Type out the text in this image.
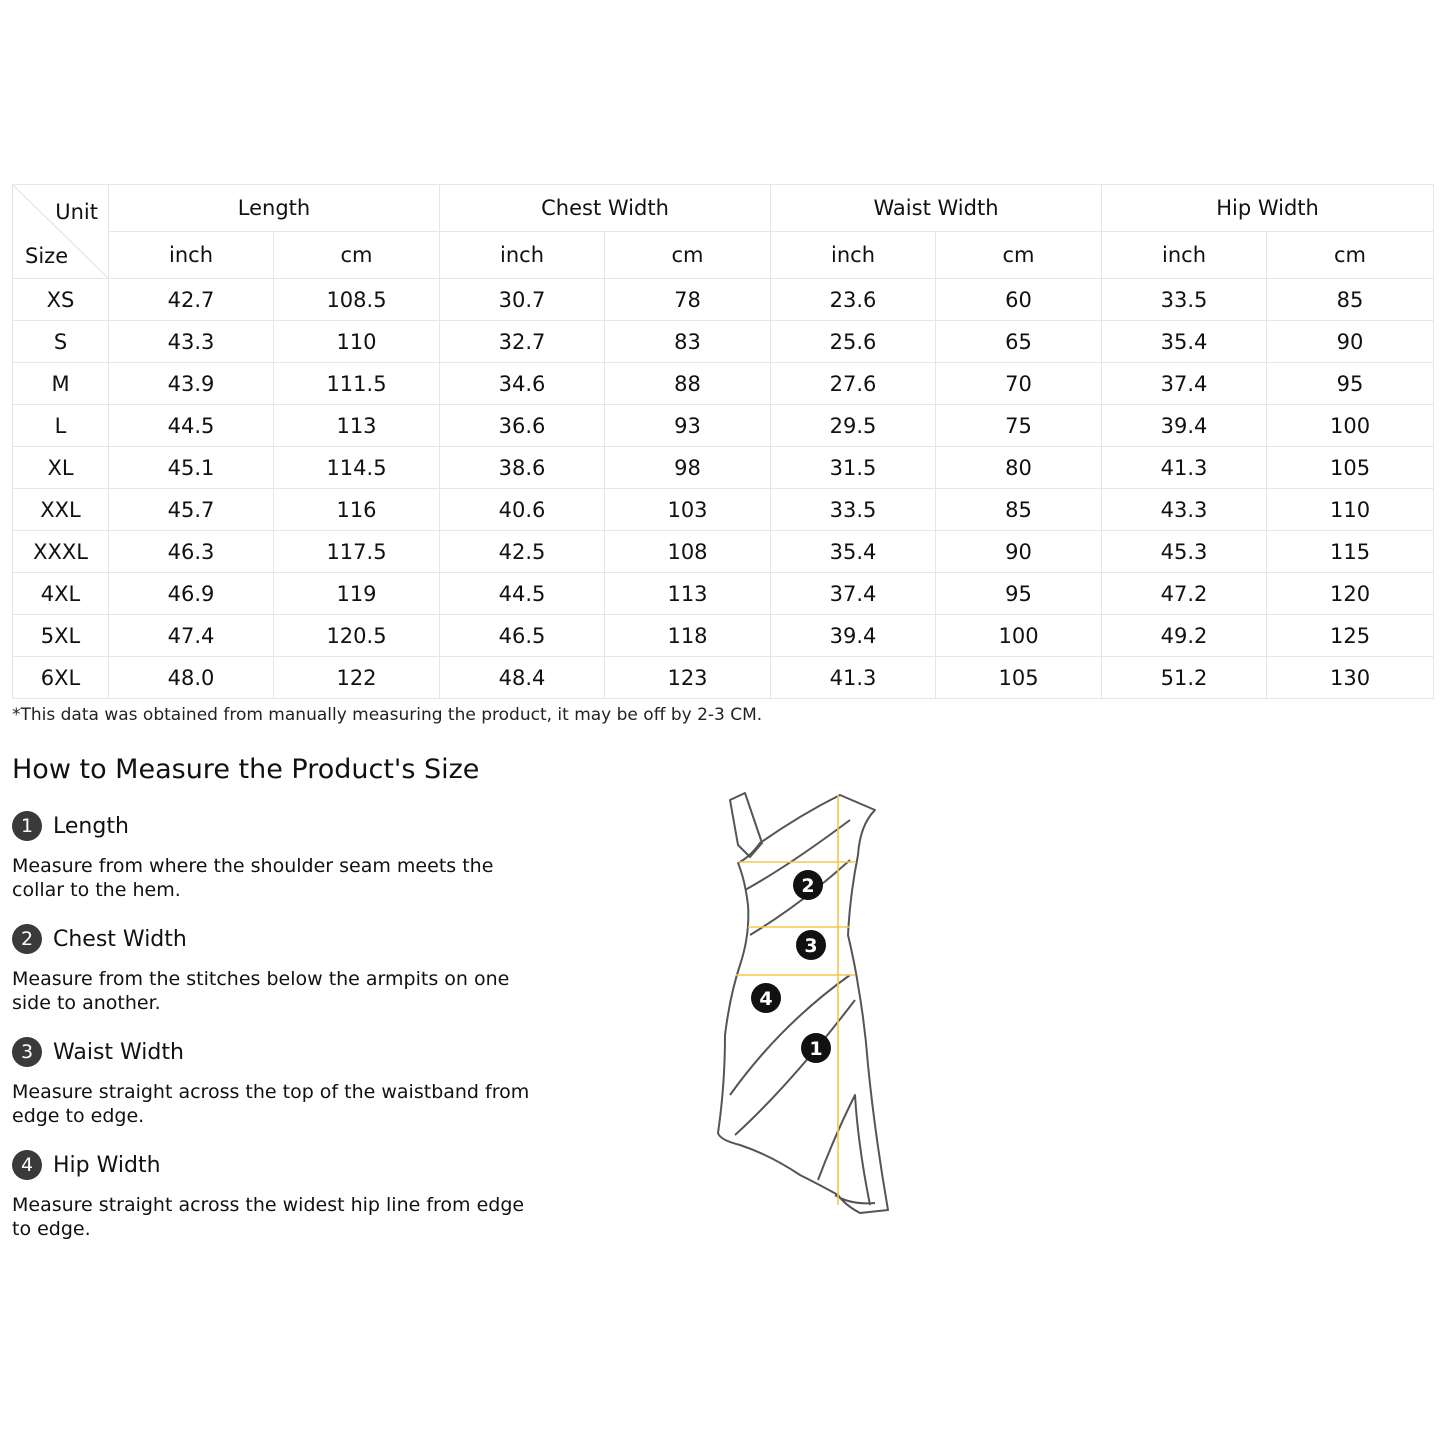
Unit
Size	Length		Chest Width		Waist Width		Hip Width	
	inch	cm	inch	cm	inch	cm	inch	cm
XS	42.7	108.5	30.7	78	23.6	60	33.5	85
S	43.3	110	32.7	83	25.6	65	35.4	90
M	43.9	111.5	34.6	88	27.6	70	37.4	95
L	44.5	113	36.6	93	29.5	75	39.4	100
XL	45.1	114.5	38.6	98	31.5	80	41.3	105
XXL	45.7	116	40.6	103	33.5	85	43.3	110
XXXL	46.3	117.5	42.5	108	35.4	90	45.3	115
4XL	46.9	119	44.5	113	37.4	95	47.2	120
5XL	47.4	120.5	46.5	118	39.4	100	49.2	125
6XL	48.0	122	48.4	123	41.3	105	51.2	130
*This data was obtained from manually measuring the product, it may be off by 2-3 CM.
How to Measure the Product's Size
1 Length
Measure from where the shoulder seam meets the collar to the hem.
2 Chest Width
Measure from the stitches below the armpits on one side to another.
3 Waist Width
Measure straight across the top of the waistband from edge to edge.
4 Hip Width
Measure straight across the widest hip line from edge to edge.
2
3
4
1
